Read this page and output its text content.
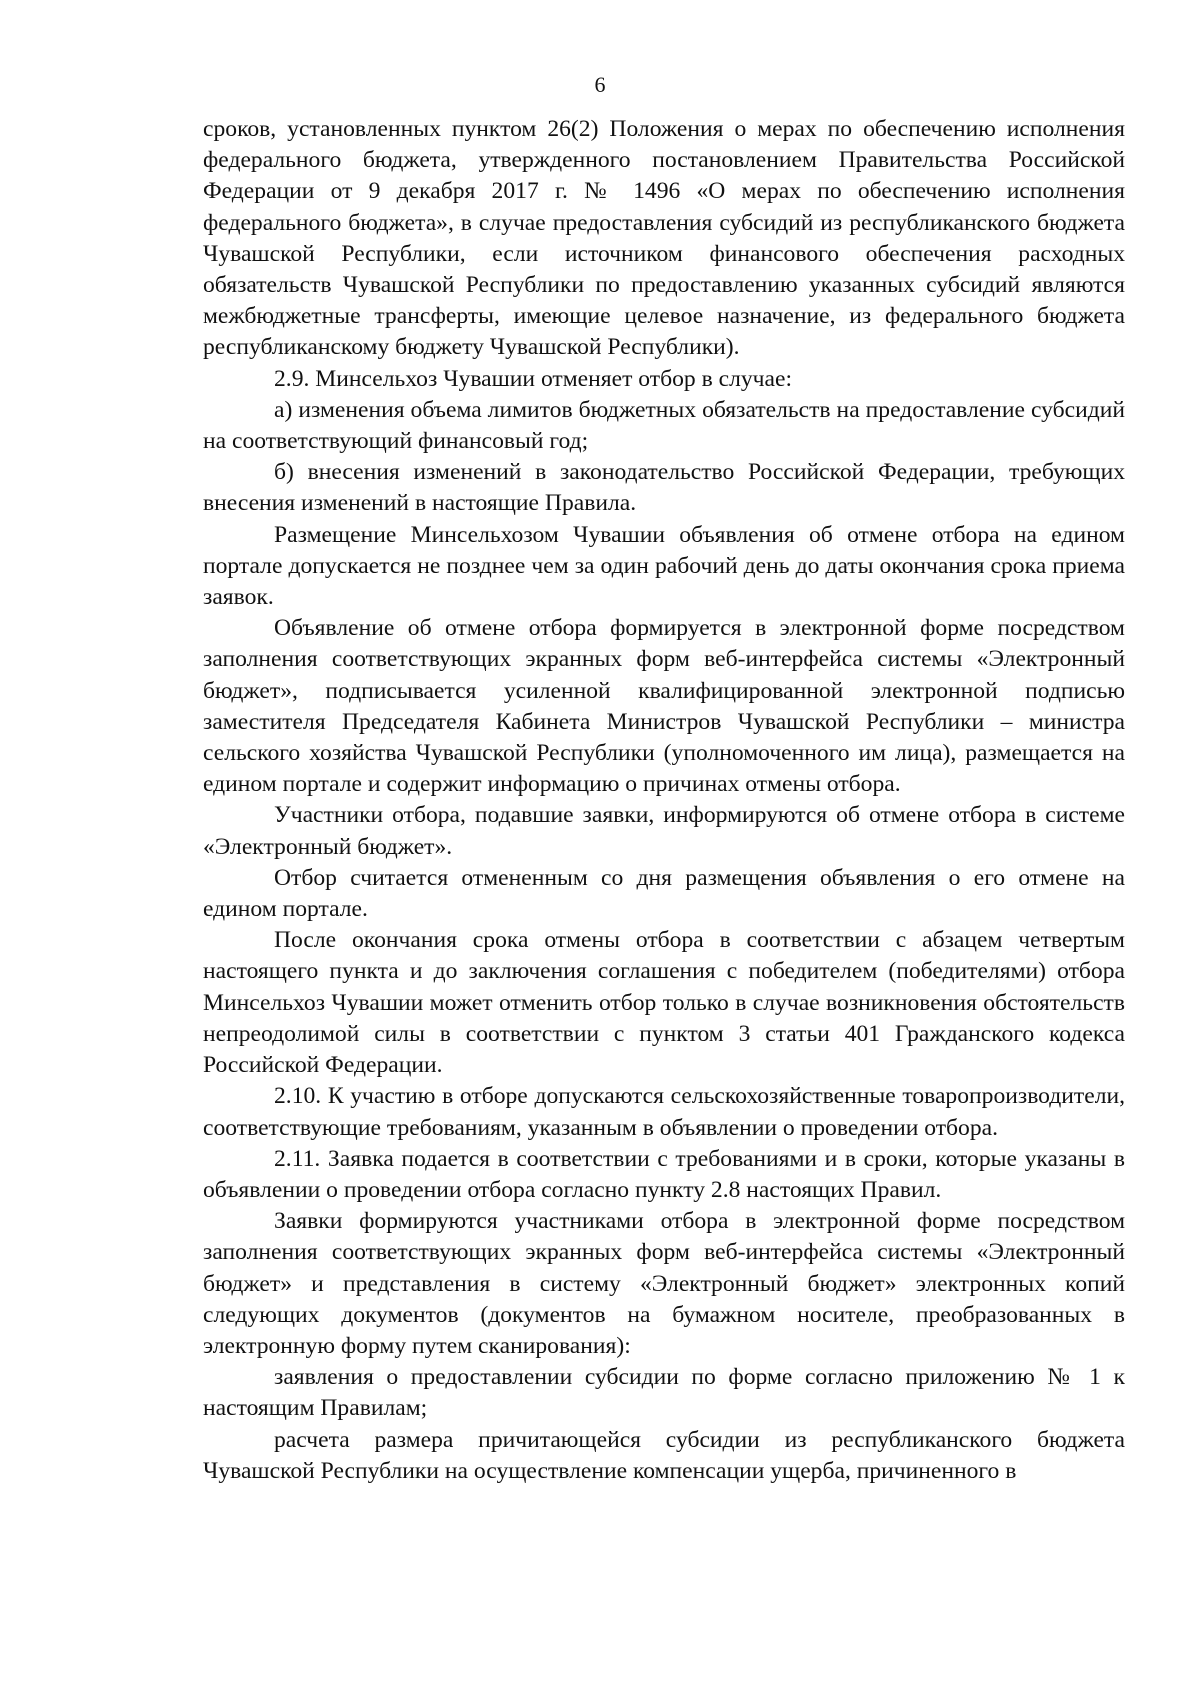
6

сроков, установленных пунктом 26(2) Положения о мерах по обеспечению исполнения федерального бюджета, утвержденного постановлением Правительства Российской Федерации от 9 декабря 2017 г. № 1496 «О мерах по обеспечению исполнения федерального бюджета», в случае предоставления субсидий из республиканского бюджета Чувашской Республики, если источником финансового обеспечения расходных обязательств Чувашской Республики по предоставлению указанных субсидий являются межбюджетные трансферты, имеющие целевое назначение, из федерального бюджета республиканскому бюджету Чувашской Республики).

2.9. Минсельхоз Чувашии отменяет отбор в случае:

а) изменения объема лимитов бюджетных обязательств на предоставление субсидий на соответствующий финансовый год;

б) внесения изменений в законодательство Российской Федерации, требующих внесения изменений в настоящие Правила.

Размещение Минсельхозом Чувашии объявления об отмене отбора на едином портале допускается не позднее чем за один рабочий день до даты окончания срока приема заявок.

Объявление об отмене отбора формируется в электронной форме посредством заполнения соответствующих экранных форм веб-интерфейса системы «Электронный бюджет», подписывается усиленной квалифицированной электронной подписью заместителя Председателя Кабинета Министров Чувашской Республики – министра сельского хозяйства Чувашской Республики (уполномоченного им лица), размещается на едином портале и содержит информацию о причинах отмены отбора.

Участники отбора, подавшие заявки, информируются об отмене отбора в системе «Электронный бюджет».

Отбор считается отмененным со дня размещения объявления о его отмене на едином портале.

После окончания срока отмены отбора в соответствии с абзацем четвертым настоящего пункта и до заключения соглашения с победителем (победителями) отбора Минсельхоз Чувашии может отменить отбор только в случае возникновения обстоятельств непреодолимой силы в соответствии с пунктом 3 статьи 401 Гражданского кодекса Российской Федерации.

2.10. К участию в отборе допускаются сельскохозяйственные товаропроизводители, соответствующие требованиям, указанным в объявлении о проведении отбора.

2.11. Заявка подается в соответствии с требованиями и в сроки, которые указаны в объявлении о проведении отбора согласно пункту 2.8 настоящих Правил.

Заявки формируются участниками отбора в электронной форме посредством заполнения соответствующих экранных форм веб-интерфейса системы «Электронный бюджет» и представления в систему «Электронный бюджет» электронных копий следующих документов (документов на бумажном носителе, преобразованных в электронную форму путем сканирования):

заявления о предоставлении субсидии по форме согласно приложению № 1 к настоящим Правилам;

расчета размера причитающейся субсидии из республиканского бюджета Чувашской Республики на осуществление компенсации ущерба, причиненного в
